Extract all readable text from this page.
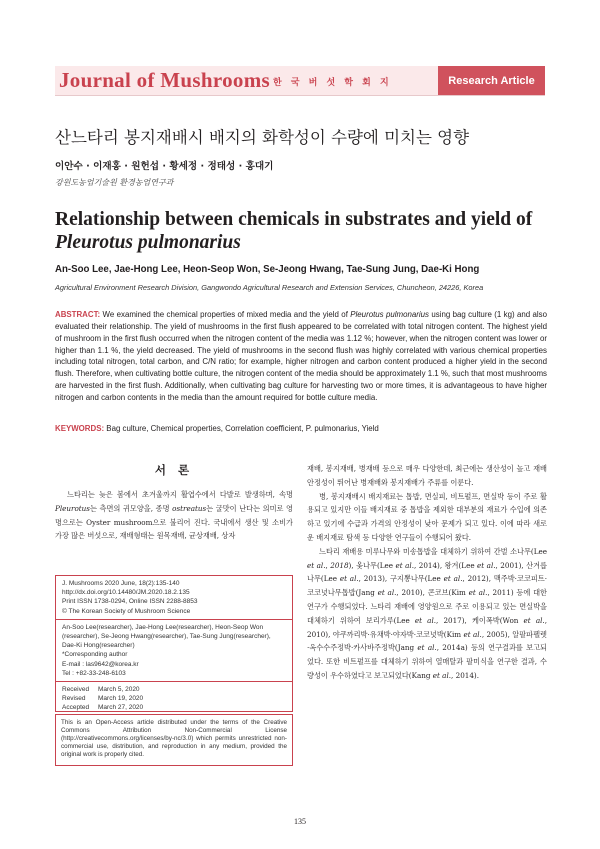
Journal of Mushrooms 한 국 버 섯 학 회 지	Research Article
산느타리 봉지재배시 배지의 화학성이 수량에 미치는 영향
이안수 · 이재홍 · 원헌섭 · 황세정 · 정태성 · 홍대기
강원도농업기술원 환경농업연구과
Relationship between chemicals in substrates and yield of
Pleurotus pulmonarius
An-Soo Lee, Jae-Hong Lee, Heon-Seop Won, Se-Jeong Hwang, Tae-Sung Jung, Dae-Ki Hong
Agricultural Environment Research Division, Gangwondo Agricultural Research and Extension Services, Chuncheon, 24226, Korea
ABSTRACT: We examined the chemical properties of mixed media and the yield of Pleurotus pulmonarius using bag culture (1 kg) and also evaluated their relationship. The yield of mushrooms in the first flush appeared to be correlated with total nitrogen content. The highest yield of mushroom in the first flush occurred when the nitrogen content of the media was 1.12 %; however, when the nitrogen content was lower or higher than 1.1 %, the yield decreased. The yield of mushrooms in the second flush was highly correlated with various chemical properties including total nitrogen, total carbon, and C/N ratio; for example, higher nitrogen and carbon content produced a higher yield in the second flush. Therefore, when cultivating bottle culture, the nitrogen content of the media should be approximately 1.1 %, such that most mushrooms are harvested in the first flush. Additionally, when cultivating bag culture for harvesting two or more times, it is advantageous to have higher nitrogen and carbon contents in the media than the amount required for bottle culture media.
KEYWORDS: Bag culture, Chemical properties, Correlation coefficient, P. pulmonarius, Yield
서 론
느타리는 늦은 봄에서 초겨울까지 활엽수에서 다발로 발생하며, 속명 Pleurotus는 측면의 귀모양을, 종명 ostreatus는 굴맛이 난다는 의미로 영명으로는 Oyster mushroom으로 불리어 진다. 국내에서 생산 및 소비가 가장 많은 버섯으로, 재배형태는 원목재배, 균상재배, 상자
J. Mushrooms 2020 June, 18(2):135-140
http://dx.doi.org/10.14480/JM.2020.18.2.135
Print ISSN 1738-0294, Online ISSN 2288-8853
© The Korean Society of Mushroom Science
An-Soo Lee(researcher), Jae-Hong Lee(researcher), Heon-Seop Won (researcher), Se-Jeong Hwang(researcher), Tae-Sung Jung(researcher), Dae-Ki Hong(researcher)
*Corresponding author
E-mail : las9642@korea.kr
Tel : +82-33-248-6103
Received March 5, 2020
Revised March 19, 2020
Accepted March 27, 2020
This is an Open-Access article distributed under the terms of the Creative Commons Attribution Non-Commercial License (http://creativecommons.org/licenses/by-nc/3.0) which permits unrestricted non-commercial use, distribution, and reproduction in any medium, provided the original work is properly cited.

재배, 봉지재배, 병재배 등으로 매우 다양한데, 최근에는 생산성이 높고 재배안정성이 뛰어난 병재배와 봉지재배가 주류를 이룬다.

병, 봉지재배시 배지재료는 톱밥, 면실피, 비트펄프, 면실박 등이 주로 활용되고 있지만 이들 배지재료 중 톱밥을 제외한 대부분의 재료가 수입에 의존하고 있기에 수급과 가격의 안정성이 낮아 문제가 되고 있다. 이에 따라 새로운 배지재료 탐색 등 다양한 연구들이 수행되어 왔다.

느타리 재배용 미루나무와 미송톱밥을 대체하기 위하여 간벌 소나무(Lee et al., 2018), 옻나무(Lee et al., 2014), 왕겨(Lee et al., 2001), 산겨릅나무(Lee et al., 2013), 구지뽕나무(Lee et al., 2012), 맥주박·코코피트·코코넛나무톱밥(Jang et al., 2010), 콘코브(Kim et al., 2011) 등에 대한 연구가 수행되었다. 느타리 재배에 영양원으로 주로 이용되고 있는 면실박을 대체하기 위하여 보리가루(Lee et al., 2017), 케이폭박(Won et al., 2010), 야쿠까리박·유채박·야자박·코코넛박(Kim et al., 2005), 알팔파펠렛·옥수수주정박·카사바주정박(Jang et al., 2014a) 등의 연구결과를 보고되었다. 또한 비트펄프를 대체하기 위하여 열매탈과 팔미식을 연구한 결과, 수량성이 우수하였다고 보고되었다(Kang et al., 2014).

135
